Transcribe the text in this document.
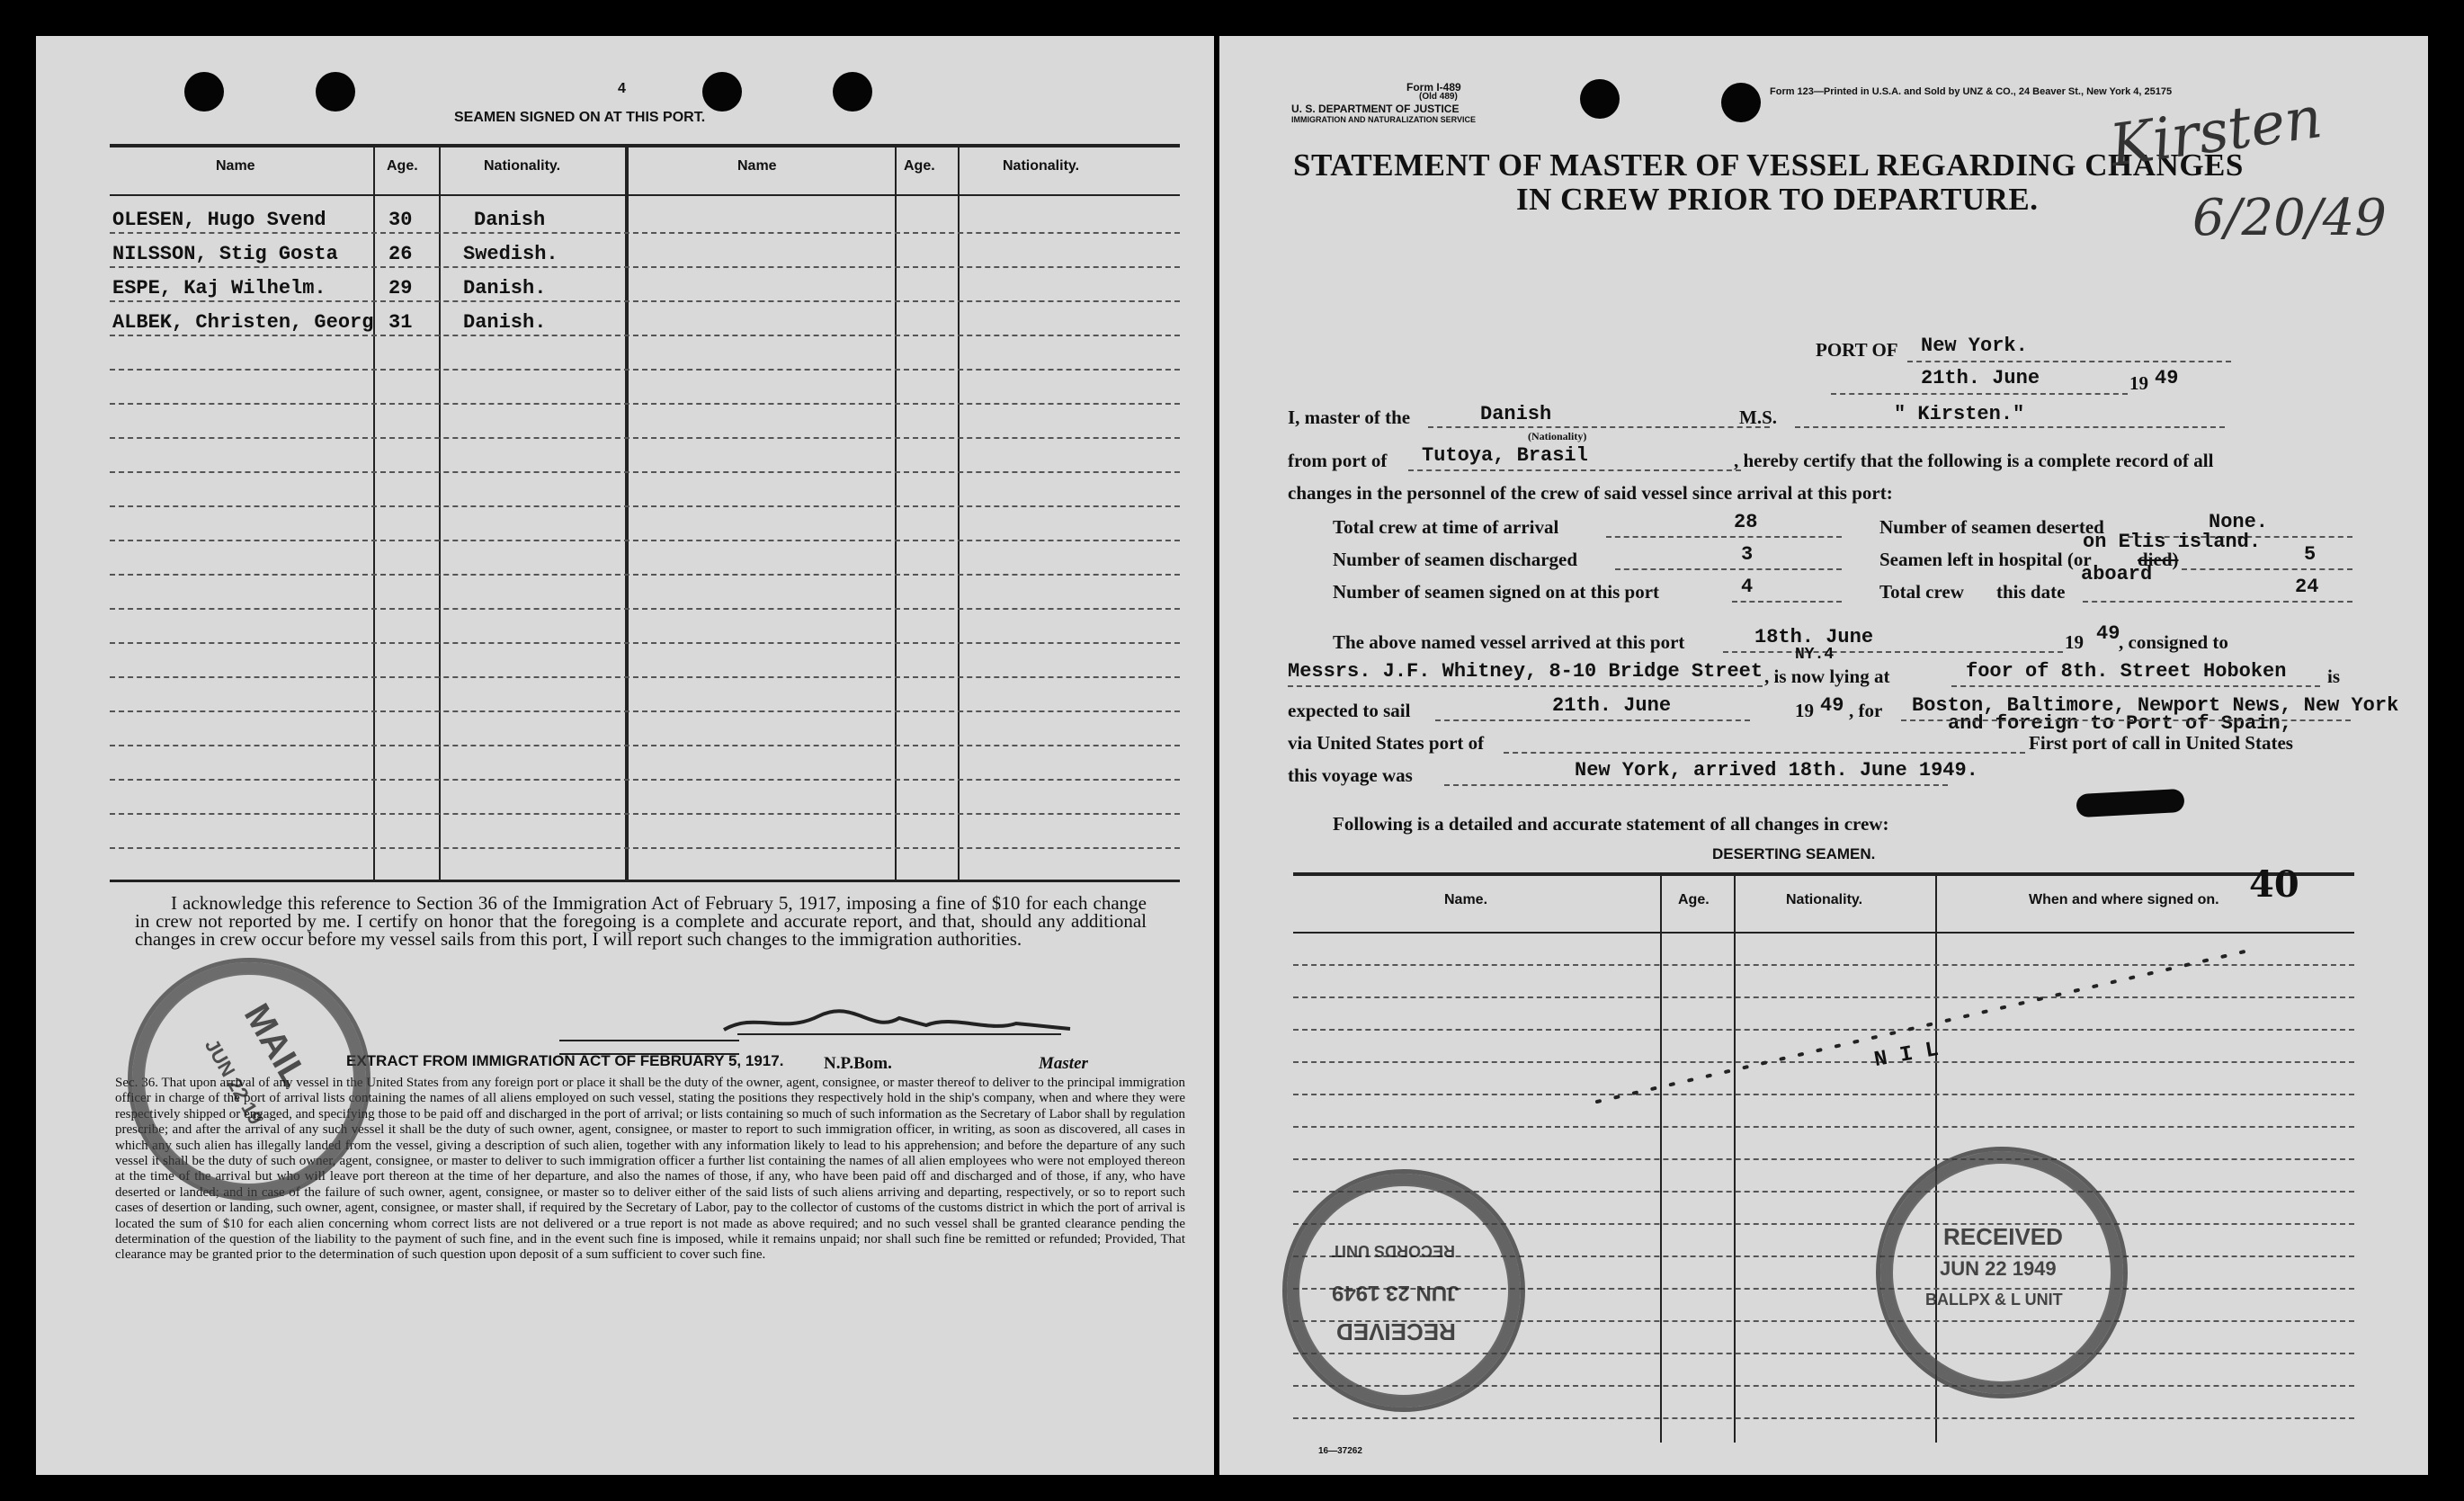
4
SEAMEN SIGNED ON AT THIS PORT.
Name	Age.	Nationality.	Name	Age.	Nationality.
OLESEN, Hugo Svend	30	Danish
NILSSON, Stig Gosta	26	Swedish.
ESPE, Kaj Wilhelm.	29	Danish.
ALBEK, Christen, Georg 31	Danish.
I acknowledge this reference to Section 36 of the Immigration Act of February 5, 1917, imposing a fine of $10 for each change in crew not reported by me. I certify on honor that the foregoing is a complete and accurate report, and that, should any additional changes in crew occur before my vessel sails from this port, I will report such changes to the immigration authorities.
N.P.Bom.	Master
EXTRACT FROM IMMIGRATION ACT OF FEBRUARY 5, 1917.
Sec. 36. That upon arrival of any vessel in the United States from any foreign port or place it shall be the duty of the owner, agent, consignee, or master thereof to deliver to the principal immigration officer in charge of the port of arrival lists containing the names of all aliens employed on such vessel, stating the positions they respectively hold in the ship's company, when and where they were respectively shipped or engaged, and specifying those to be paid off and discharged in the port of arrival; or lists containing so much of such information as the Secretary of Labor shall by regulation prescribe; and after the arrival of any such vessel it shall be the duty of such owner, agent, consignee, or master to report to such immigration officer, in writing, as soon as discovered, all cases in which any such alien has illegally landed from the vessel, giving a description of such alien, together with any information likely to lead to his apprehension; and before the departure of any such vessel it shall be the duty of such owner, agent, consignee, or master to deliver to such immigration officer a further list containing the names of all alien employees who were not employed thereon at the time of the arrival but who will leave port thereon at the time of her departure, and also the names of those, if any, who have been paid off and discharged and of those, if any, who have deserted or landed; and in case of the failure of such owner, agent, consignee, or master so to deliver either of the said lists of such aliens arriving and departing, respectively, or so to report such cases of desertion or landing, such owner, agent, consignee, or master shall, if required by the Secretary of Labor, pay to the collector of customs of the customs district in which the port of arrival is located the sum of $10 for each alien concerning whom correct lists are not delivered or a true report is not made as above required; and no such vessel shall be granted clearance pending the determination of the question of the liability to the payment of such fine, and in the event such fine is imposed, while it remains unpaid; nor shall such fine be remitted or refunded; Provided, That clearance may be granted prior to the determination of such question upon deposit of a sum sufficient to cover such fine.
MAIL
JUN 22 19
Form I-489
(Old 489)
U. S. DEPARTMENT OF JUSTICE
IMMIGRATION AND NATURALIZATION SERVICE
Form 123—Printed in U.S.A. and Sold by UNZ & CO., 24 Beaver St., New York 4, 25175
STATEMENT OF MASTER OF VESSEL REGARDING CHANGES
IN CREW PRIOR TO DEPARTURE.
Kirsten
6/20/49
PORT OF New York.
21th. June	19 49
I, master of the	Danish
(Nationality)
M.S.	" Kirsten."
from port of Tutoya, Brasil	, hereby certify that the following is a complete record of all
changes in the personnel of the crew of said vessel since arrival at this port:
Total crew at time of arrival	28
Number of seamen discharged	3
Number of seamen signed on at this port	4
Number of seamen deserted	None.
on Elis island.
Seamen left in hospital (or died)	5
aboard
Total crew this date	24
The above named vessel arrived at this port	18th. June	19 49
, consigned to
NY.4
Messrs. J.F. Whitney, 8-10 Bridge Street , is now lying at	foor of 8th. Street Hoboken is
expected to sail	21th. June	19 49 , for Boston, Baltimore, Newport News, New York
and foreign to Port of Spain,
via United States port of	First port of call in United States
this voyage was	New York, arrived 18th. June 1949.
Following is a detailed and accurate statement of all changes in crew:
DESERTING SEAMEN.
Name.	Age.	Nationality.	When and where signed on. 40
N I L
16—37262
RECEIVED
JUN 23 1949
RECORDS UNIT
RECEIVED
JUN 22 1949
BALLPX & L UNIT
